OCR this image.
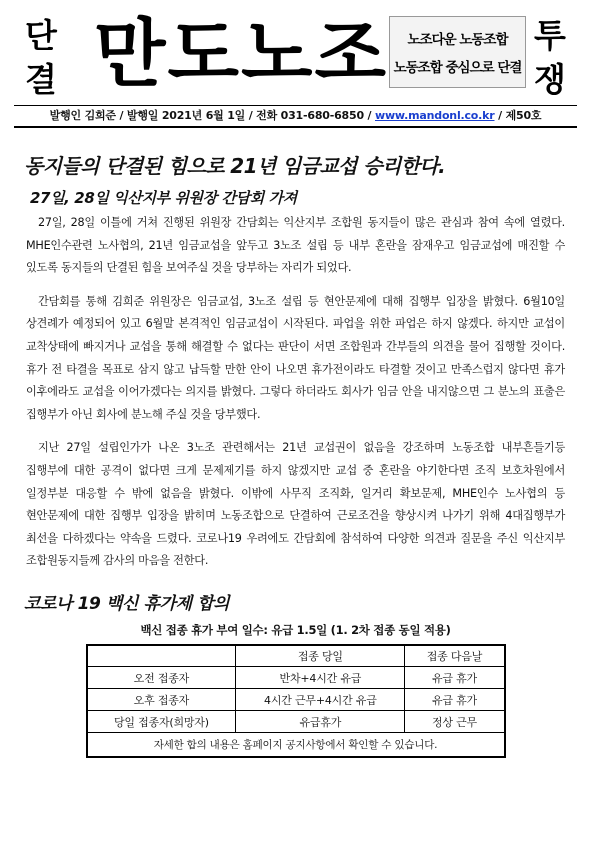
단
결 만도노조 노조다운 노동조합
노동조합 중심으로 단결
투
쟁
발행인 김희준 / 발행일 2021년 6월 1일 / 전화 031-680-6850 / www.mandonl.co.kr / 제50호
동지들의 단결된 힘으로 21년 임금교섭 승리한다.
27일, 28일 익산지부 위원장 간담회 가져

27일, 28일 이틀에 거쳐 진행된 위원장 간담회는 익산지부 조합원 동지들이 많은 관심과 참여 속에 열렸다. MHE인수관련 노사협의, 21년 임금교섭을 앞두고 3노조 설립 등 내부 혼란을 잠재우고 임금교섭에 매진할 수 있도록 동지들의 단결된 힘을 보여주실 것을 당부하는 자리가 되었다.

간담회를 통해 김희준 위원장은 임금교섭, 3노조 설립 등 현안문제에 대해 집행부 입장을 밝혔다. 6월10일 상견례가 예정되어 있고 6월말 본격적인 임금교섭이 시작된다. 파업을 위한 파업은 하지 않겠다. 하지만 교섭이 교착상태에 빠지거나 교섭을 통해 해결할 수 없다는 판단이 서면 조합원과 간부들의 의견을 물어 집행할 것이다. 휴가 전 타결을 목표로 삼지 않고 납득할 만한 안이 나오면 휴가전이라도 타결할 것이고 만족스럽지 않다면 휴가 이후에라도 교섭을 이어가겠다는 의지를 밝혔다. 그렇다 하더라도 회사가 임금 안을 내지않으면 그 분노의 표출은 집행부가 아닌 회사에 분노해 주실 것을 당부했다.

지난 27일 설립인가가 나온 3노조 관련해서는 21년 교섭권이 없음을 강조하며 노동조합 내부흔들기등 집행부에 대한 공격이 없다면 크게 문제제기를 하지 않겠지만 교섭 중 혼란을 야기한다면 조직 보호차원에서 일정부분 대응할 수 밖에 없음을 밝혔다. 이밖에 사무직 조직화, 일거리 확보문제, MHE인수 노사협의 등 현안문제에 대한 집행부 입장을 밝히며 노동조합으로 단결하여 근로조건을 향상시켜 나가기 위해 4대집행부가 최선을 다하겠다는 약속을 드렸다. 코로나19 우려에도 간담회에 참석하여 다양한 의견과 질문을 주신 익산지부 조합원동지들께 감사의 마음을 전한다.

코로나 19 백신 휴가제 합의
백신 접종 휴가 부여 일수: 유급 1.5일 (1. 2차 접종 동일 적용)
	접종 당일	접종 다음날
오전 접종자	반차+4시간 유급	유급 휴가
오후 접종자	4시간 근무+4시간 유급	유급 휴가
당일 접종자(희망자)	유급휴가	정상 근무
자세한 합의 내용은 홈페이지 공지사항에서 확인할 수 있습니다.		
